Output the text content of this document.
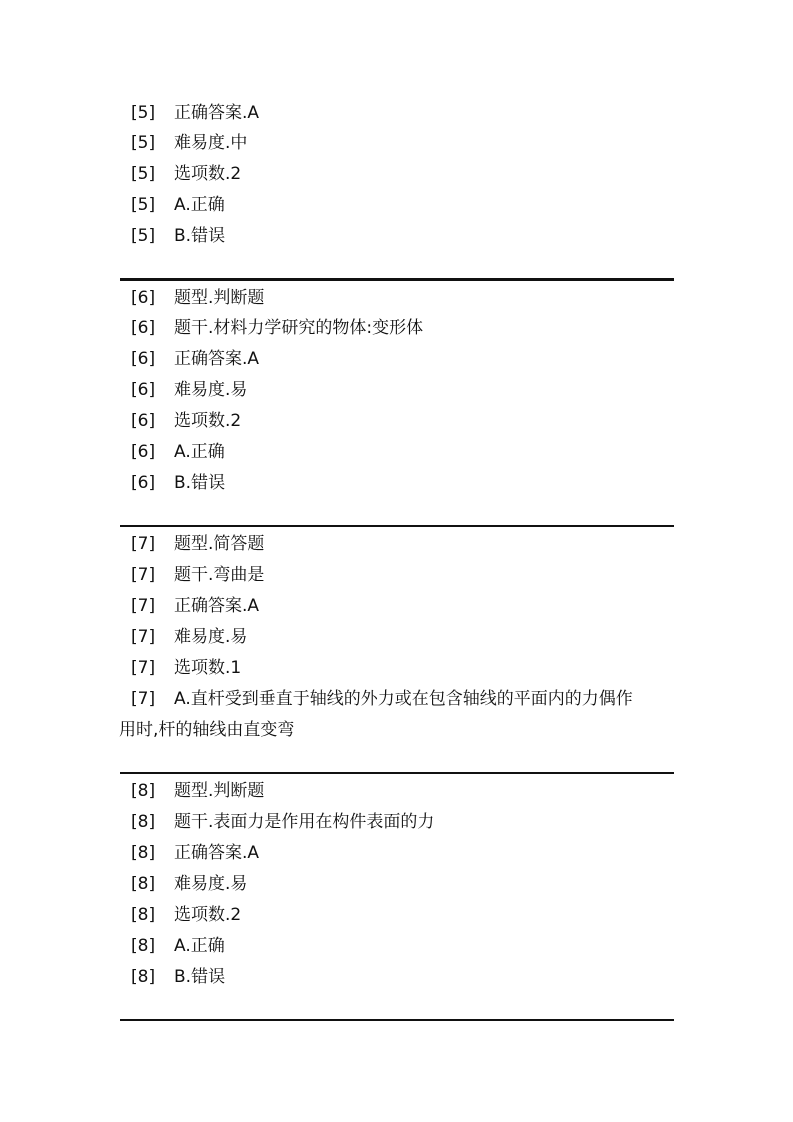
[5] 正确答案.A
[5] 难易度.中
[5] 选项数.2
[5] A.正确
[5] B.错误
[6] 题型.判断题
[6] 题干.材料力学研究的物体:变形体
[6] 正确答案.A
[6] 难易度.易
[6] 选项数.2
[6] A.正确
[6] B.错误
[7] 题型.简答题
[7] 题干.弯曲是
[7] 正确答案.A
[7] 难易度.易
[7] 选项数.1
[7] A.直杆受到垂直于轴线的外力或在包含轴线的平面内的力偶作
用时,杆的轴线由直变弯
[8] 题型.判断题
[8] 题干.表面力是作用在构件表面的力
[8] 正确答案.A
[8] 难易度.易
[8] 选项数.2
[8] A.正确
[8] B.错误
